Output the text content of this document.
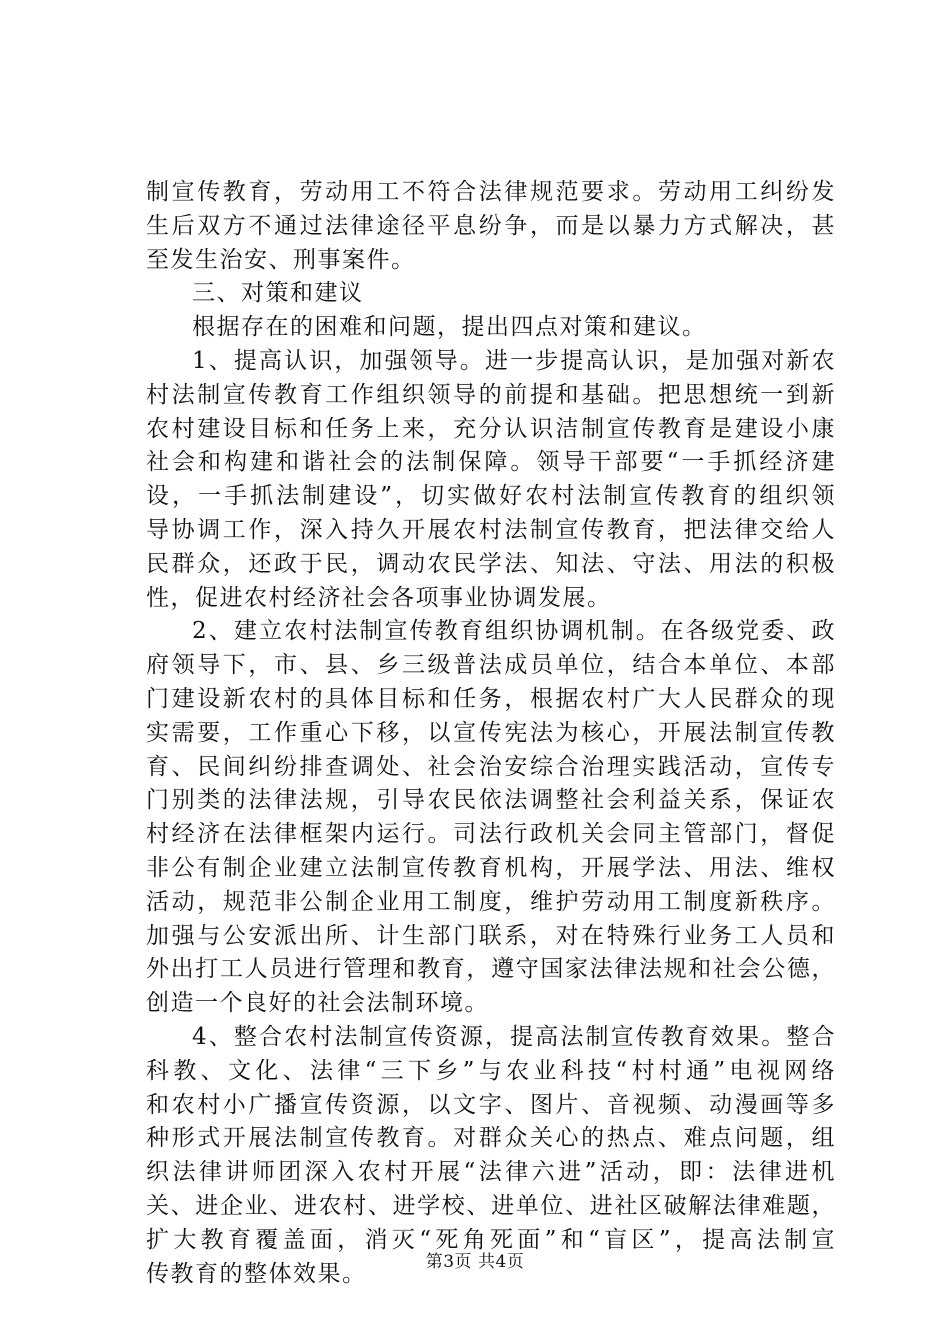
制宣传教育，劳动用工不符合法律规范要求。劳动用工纠纷发
生后双方不通过法律途径平息纷争，而是以暴力方式解决，甚
至发生治安、刑事案件。
三、对策和建议
根据存在的困难和问题，提出四点对策和建议。
1、提高认识，加强领导。进一步提高认识，是加强对新农
村法制宣传教育工作组织领导的前提和基础。把思想统一到新
农村建设目标和任务上来，充分认识洁制宣传教育是建设小康
社会和构建和谐社会的法制保障。领导干部要“一手抓经济建
设，一手抓法制建设”，切实做好农村法制宣传教育的组织领
导协调工作，深入持久开展农村法制宣传教育，把法律交给人
民群众，还政于民，调动农民学法、知法、守法、用法的积极
性，促进农村经济社会各项事业协调发展。
2、建立农村法制宣传教育组织协调机制。在各级党委、政
府领导下，市、县、乡三级普法成员单位，结合本单位、本部
门建设新农村的具体目标和任务，根据农村广大人民群众的现
实需要，工作重心下移，以宣传宪法为核心，开展法制宣传教
育、民间纠纷排查调处、社会治安综合治理实践活动，宣传专
门别类的法律法规，引导农民依法调整社会利益关系，保证农
村经济在法律框架内运行。司法行政机关会同主管部门，督促
非公有制企业建立法制宣传教育机构，开展学法、用法、维权
活动，规范非公制企业用工制度，维护劳动用工制度新秩序。
加强与公安派出所、计生部门联系，对在特殊行业务工人员和
外出打工人员进行管理和教育，遵守国家法律法规和社会公德，
创造一个良好的社会法制环境。
4、整合农村法制宣传资源，提高法制宣传教育效果。整合
科教、文化、法律“三下乡”与农业科技“村村通”电视网络
和农村小广播宣传资源，以文字、图片、音视频、动漫画等多
种形式开展法制宣传教育。对群众关心的热点、难点问题，组
织法律讲师团深入农村开展“法律六进”活动，即：法律进机
关、进企业、进农村、进学校、进单位、进社区破解法律难题，
扩大教育覆盖面，消灭“死角死面”和“盲区”，提高法制宣
传教育的整体效果。	第3页 共4页
